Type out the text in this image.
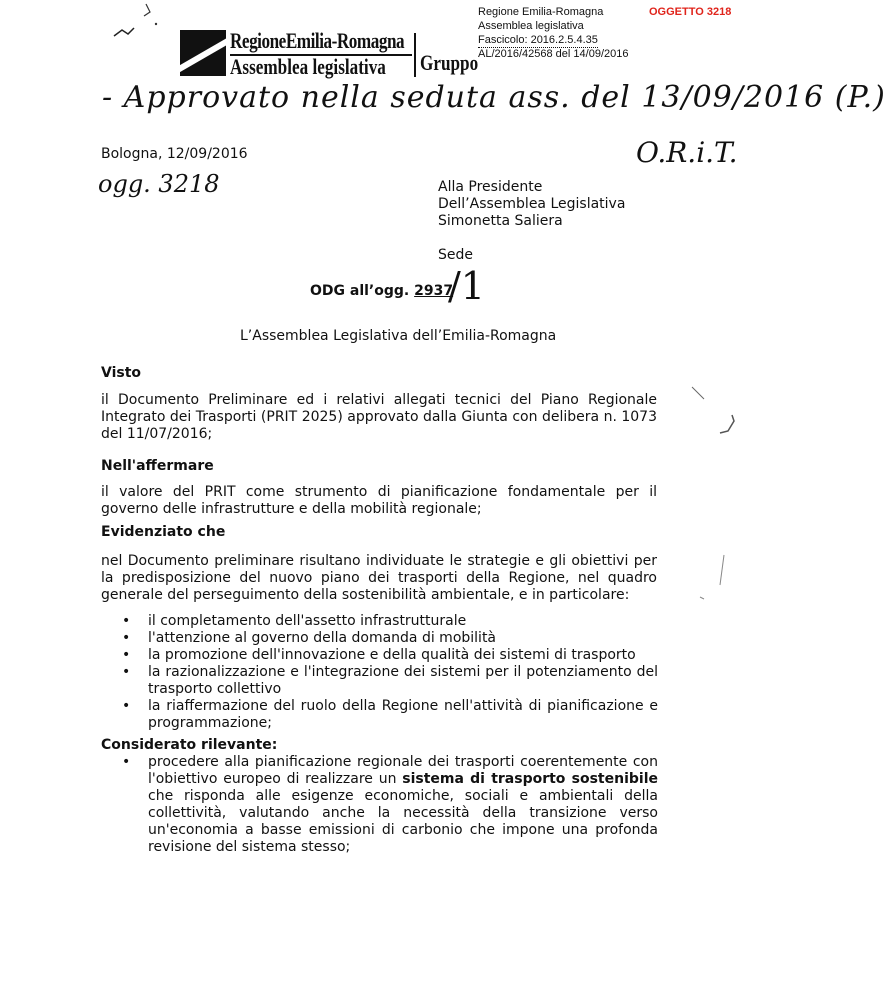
RegioneEmilia-Romagna
Assemblea legislativa Gruppo
Regione Emilia-Romagna
Assemblea legislativa
Fascicolo: 2016.2.5.4.35
AL/2016/42568 del 14/09/2016
OGGETTO 3218
- Approvato nella seduta ass. del 13/09/2016 (P.)
O.R.i.T.
ogg. 3218
Bologna, 12/09/2016
Alla Presidente
Dell’Assemblea Legislativa
Simonetta Saliera
Sede
ODG all’ogg. 2937
/1
L’Assemblea Legislativa dell’Emilia-Romagna
Visto
il Documento Preliminare ed i relativi allegati tecnici del Piano Regionale Integrato dei Trasporti (PRIT 2025) approvato dalla Giunta con delibera n. 1073 del 11/07/2016;
Nell'affermare
il valore del PRIT come strumento di pianificazione fondamentale per il governo delle infrastrutture e della mobilità regionale;
Evidenziato che
nel Documento preliminare risultano individuate le strategie e gli obiettivi per la predisposizione del nuovo piano dei trasporti della Regione, nel quadro generale del perseguimento della sostenibilità ambientale, e in particolare:
• il completamento dell'assetto infrastrutturale
• l'attenzione al governo della domanda di mobilità
• la promozione dell'innovazione e della qualità dei sistemi di trasporto
• la razionalizzazione e l'integrazione dei sistemi per il potenziamento del trasporto collettivo
• la riaffermazione del ruolo della Regione nell'attività di pianificazione e programmazione;
Considerato rilevante:
• procedere alla pianificazione regionale dei trasporti coerentemente con l'obiettivo europeo di realizzare un sistema di trasporto sostenibile che risponda alle esigenze economiche, sociali e ambientali della collettività, valutando anche la necessità della transizione verso un'economia a basse emissioni di carbonio che impone una profonda revisione del sistema stesso;
